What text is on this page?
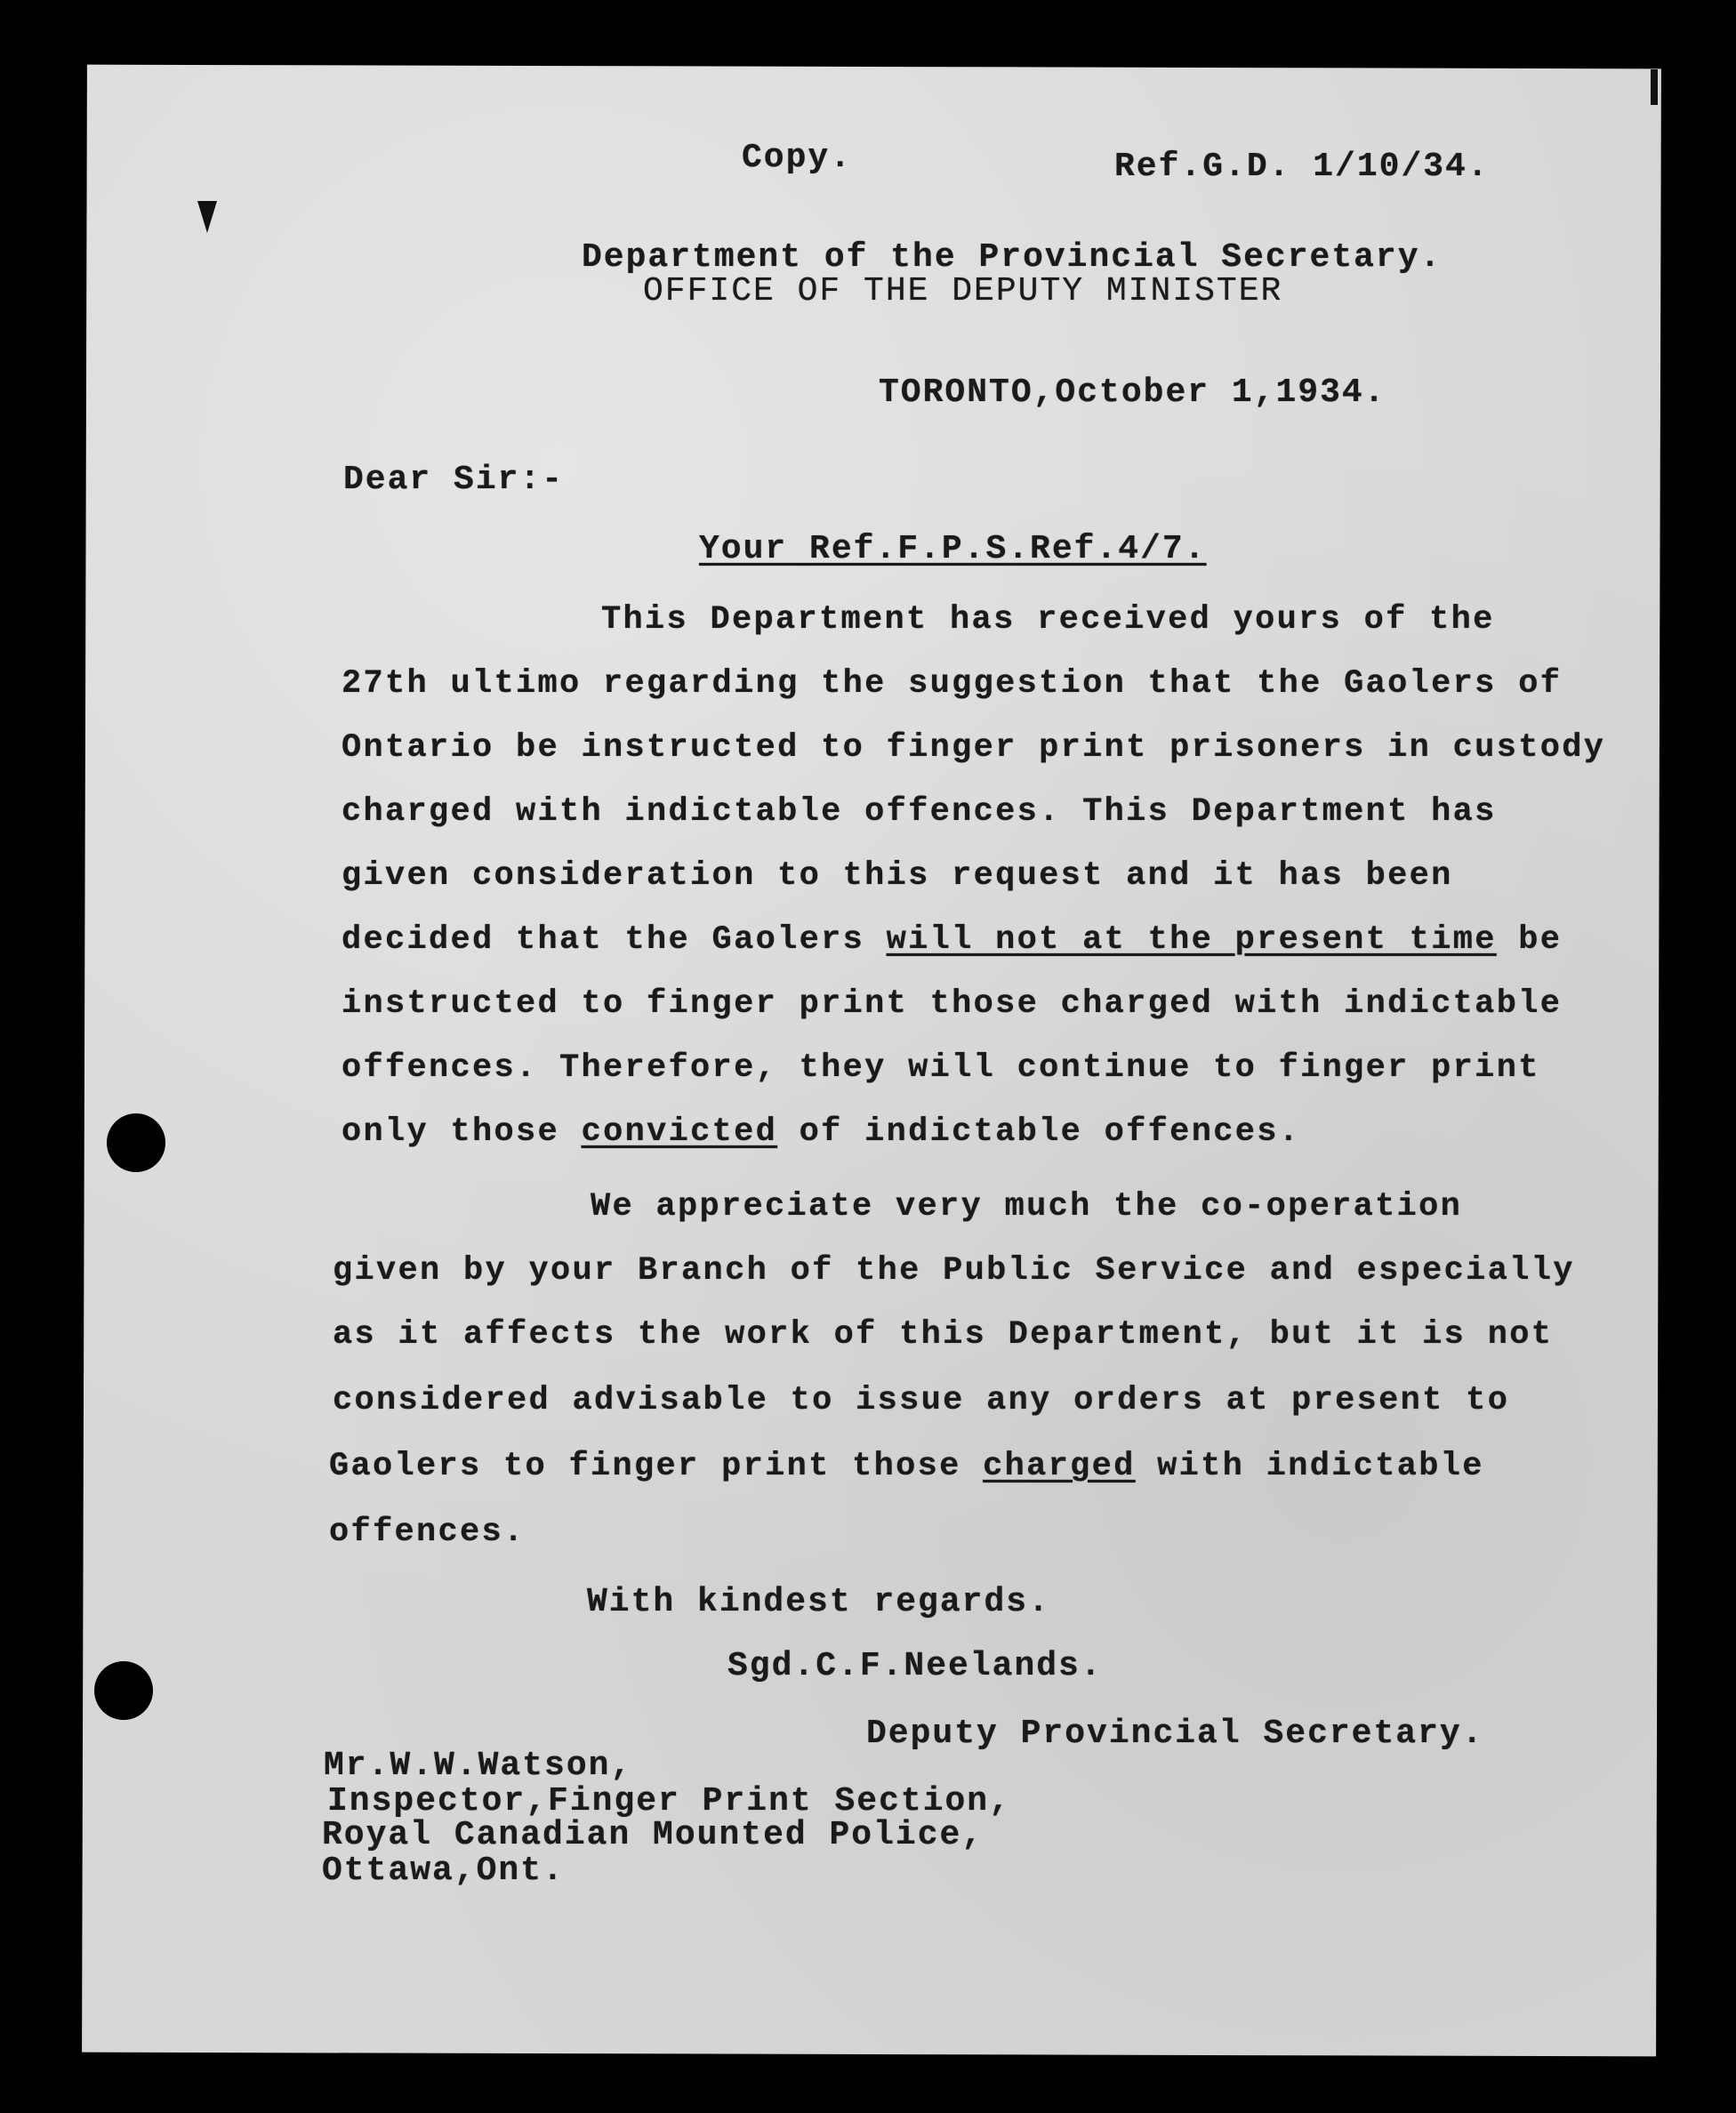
Copy.	Ref.G.D. 1/10/34.
Department of the Provincial Secretary.
OFFICE OF THE DEPUTY MINISTER
TORONTO,October 1,1934.
Dear Sir:-
Your Ref.F.P.S.Ref.4/7.
This Department has received yours of the
27th ultimo regarding the suggestion that the Gaolers of
Ontario be instructed to finger print prisoners in custody
charged with indictable offences. This Department has
given consideration to this request and it has been
decided that the Gaolers will not at the present time be
instructed to finger print those charged with indictable
offences. Therefore, they will continue to finger print
only those convicted of indictable offences.
We appreciate very much the co-operation
given by your Branch of the Public Service and especially
as it affects the work of this Department, but it is not
considered advisable to issue any orders at present to
Gaolers to finger print those charged with indictable
offences.
With kindest regards.
Sgd.C.F.Neelands.
Deputy Provincial Secretary.
Mr.W.W.Watson,
Inspector,Finger Print Section,
Royal Canadian Mounted Police,
Ottawa,Ont.
